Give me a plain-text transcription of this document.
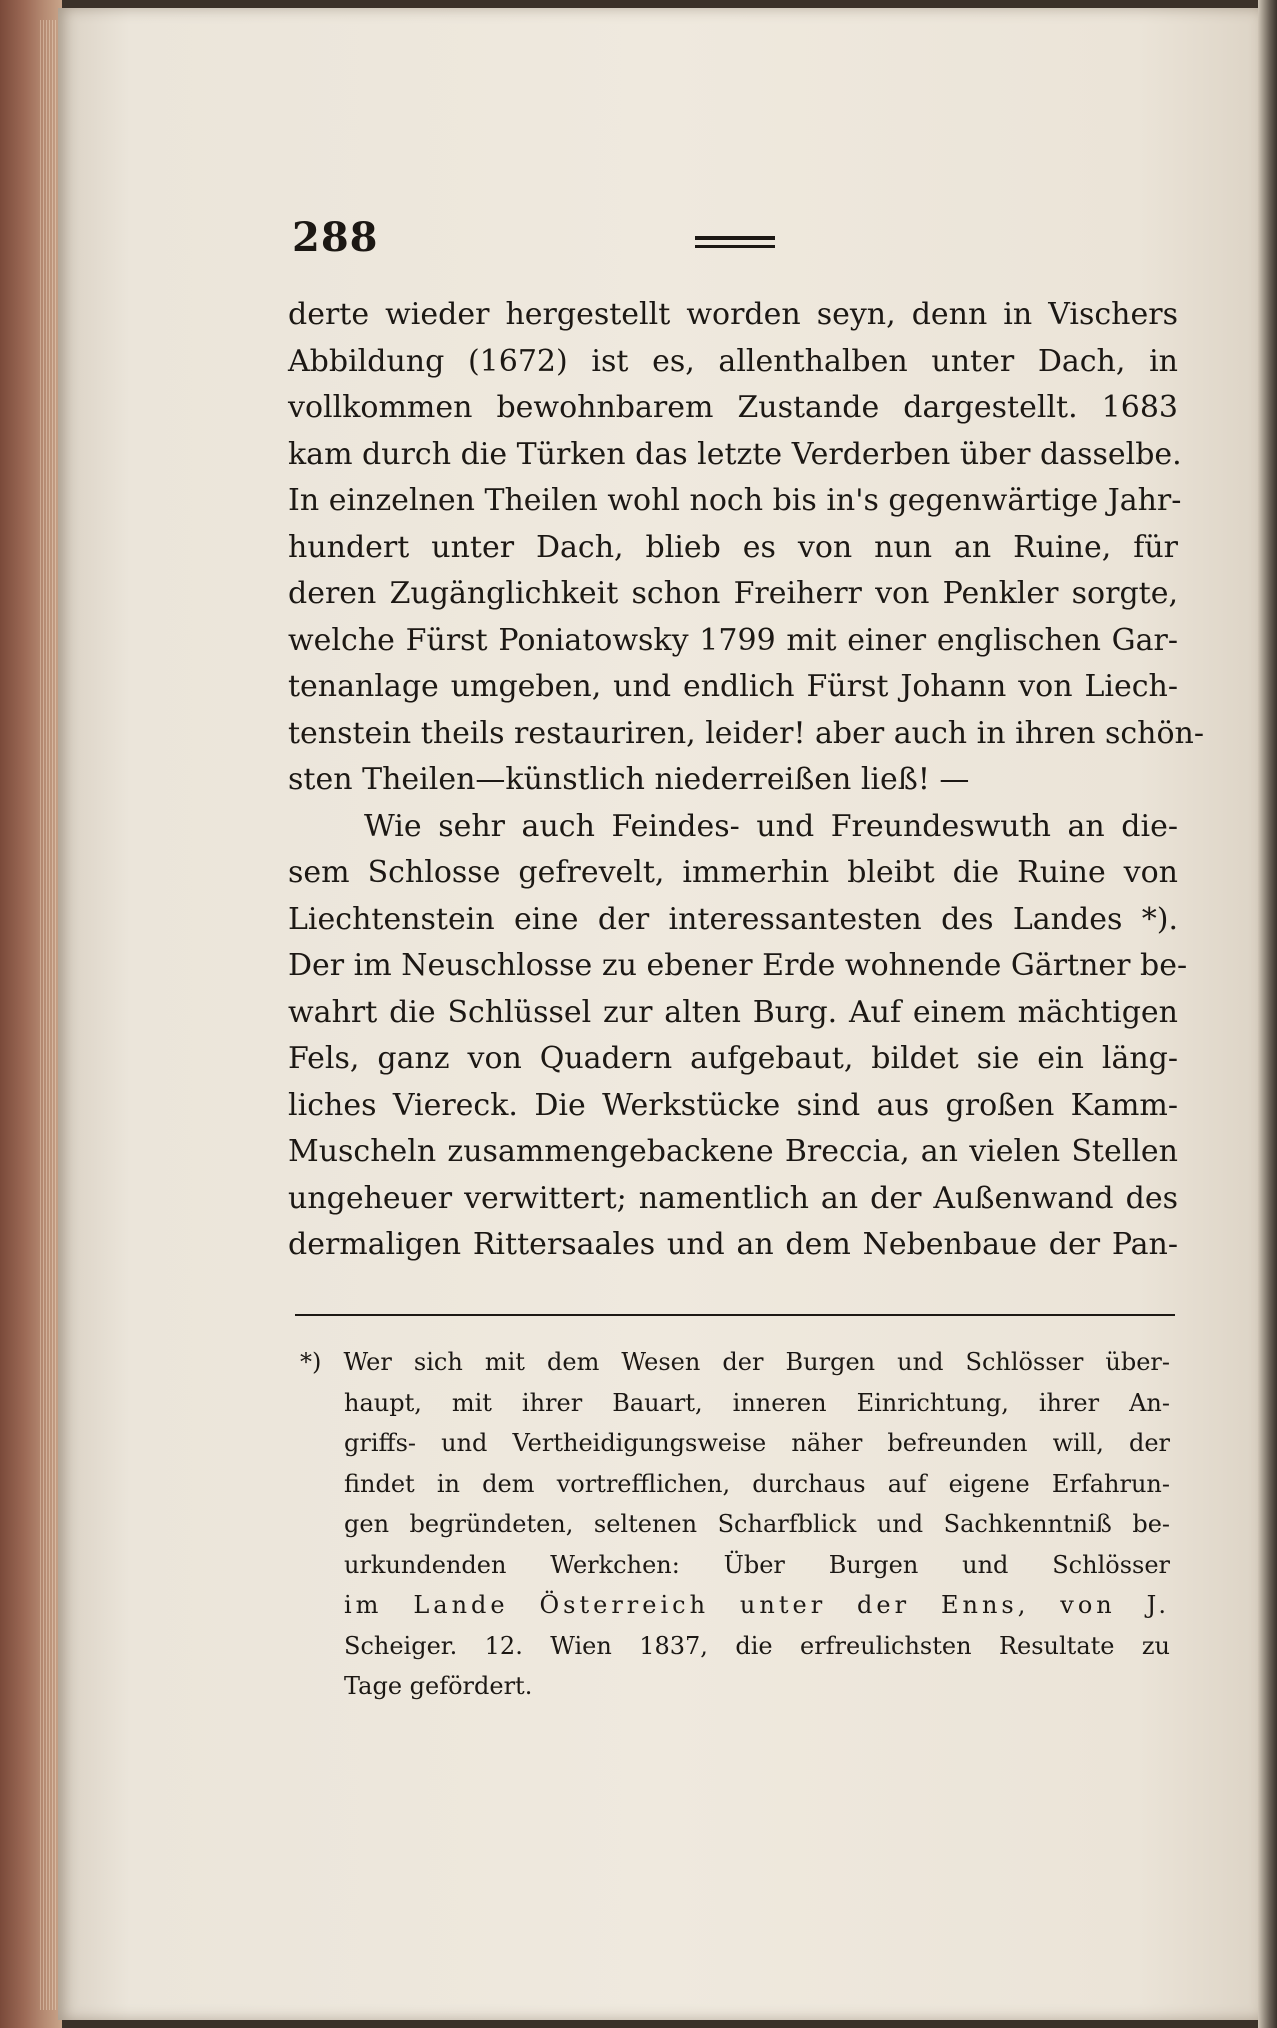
288
derte wieder hergestellt worden seyn, denn in Vischers
Abbildung (1672) ist es, allenthalben unter Dach, in
vollkommen bewohnbarem Zustande dargestellt. 1683
kam durch die Türken das letzte Verderben über dasselbe.
In einzelnen Theilen wohl noch bis in's gegenwärtige Jahr-
hundert unter Dach, blieb es von nun an Ruine, für
deren Zugänglichkeit schon Freiherr von Penkler sorgte,
welche Fürst Poniatowsky 1799 mit einer englischen Gar-
tenanlage umgeben, und endlich Fürst Johann von Liech-
tenstein theils restauriren, leider! aber auch in ihren schön-
sten Theilen—künstlich niederreißen ließ! —
Wie sehr auch Feindes- und Freundeswuth an die-
sem Schlosse gefrevelt, immerhin bleibt die Ruine von
Liechtenstein eine der interessantesten des Landes *).
Der im Neuschlosse zu ebener Erde wohnende Gärtner be-
wahrt die Schlüssel zur alten Burg. Auf einem mächtigen
Fels, ganz von Quadern aufgebaut, bildet sie ein läng-
liches Viereck. Die Werkstücke sind aus großen Kamm-
Muscheln zusammengebackene Breccia, an vielen Stellen
ungeheuer verwittert; namentlich an der Außenwand des
dermaligen Rittersaales und an dem Nebenbaue der Pan-
*) Wer sich mit dem Wesen der Burgen und Schlösser über-
haupt, mit ihrer Bauart, inneren Einrichtung, ihrer An-
griffs- und Vertheidigungsweise näher befreunden will, der
findet in dem vortrefflichen, durchaus auf eigene Erfahrun-
gen begründeten, seltenen Scharfblick und Sachkenntniß be-
urkundenden Werkchen: Über Burgen und Schlösser
im Lande Österreich unter der Enns, von J.
Scheiger. 12. Wien 1837, die erfreulichsten Resultate zu
Tage gefördert.
